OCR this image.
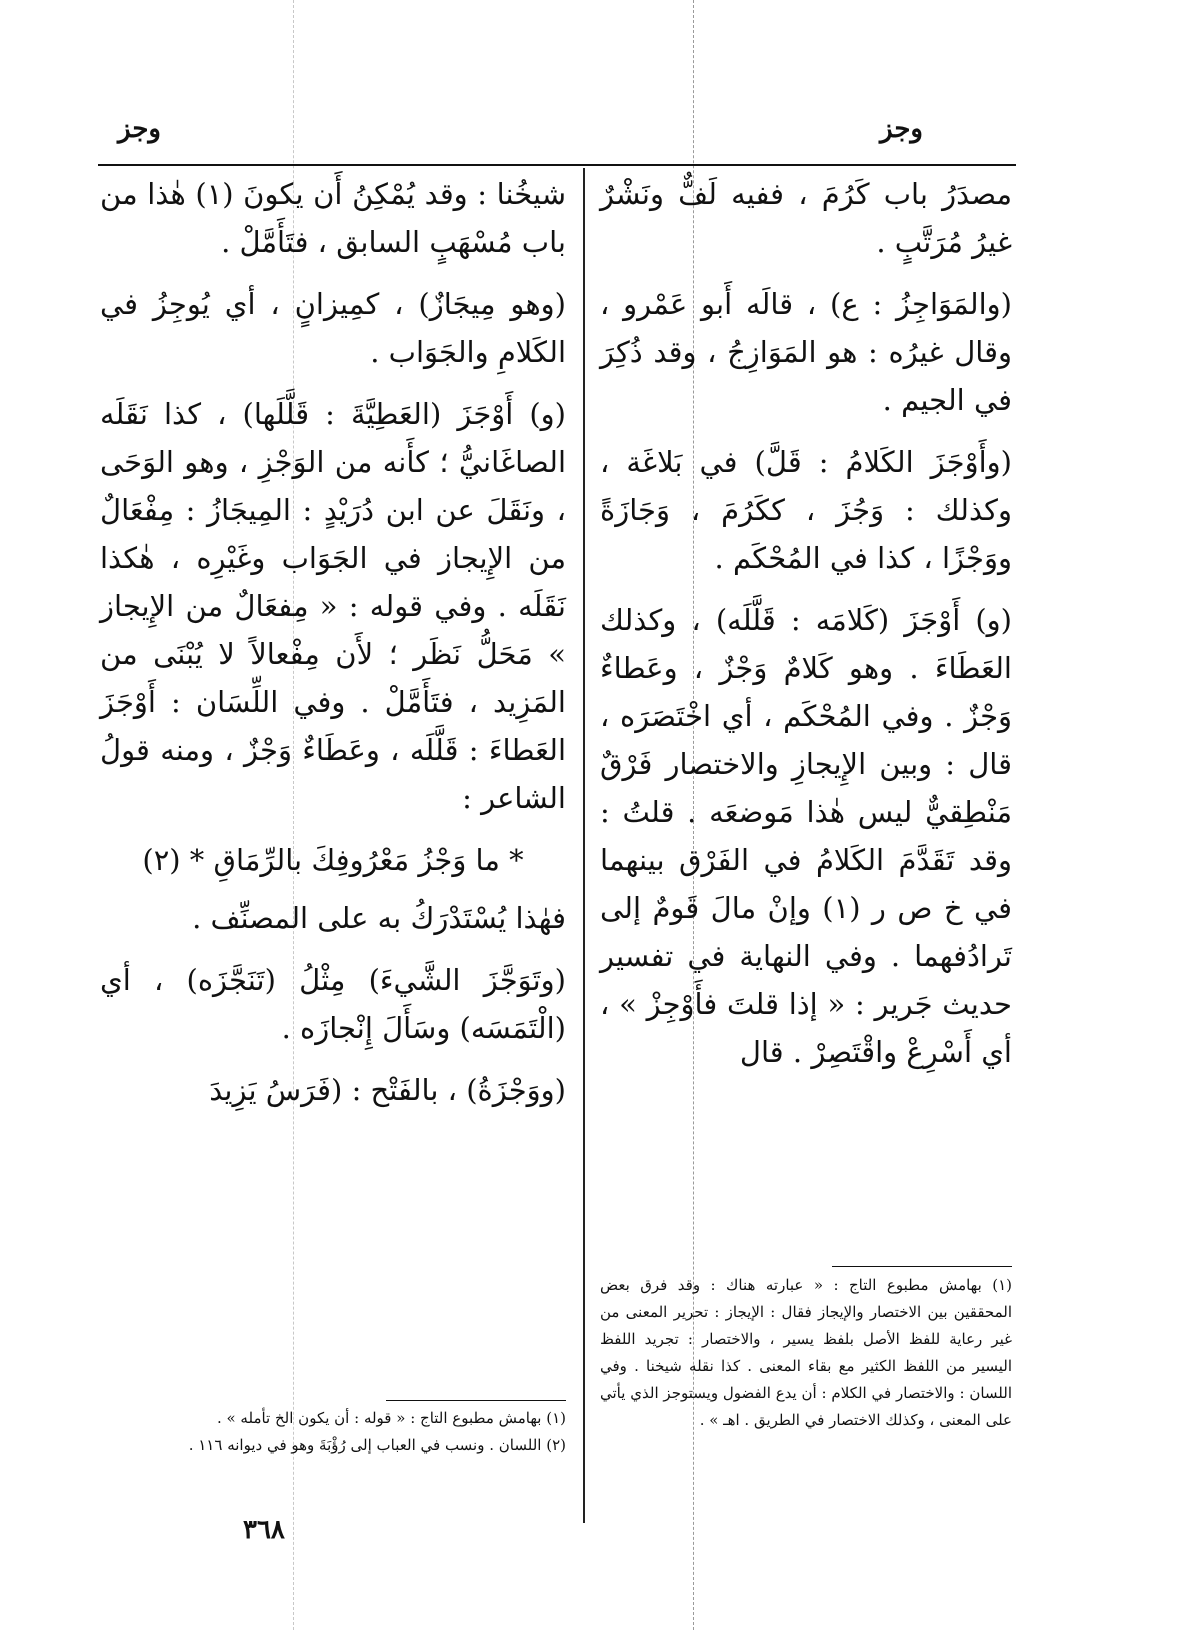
وجز	وجز

مصدَرُ باب كَرُمَ ، ففيه لَفٌّ ونَشْرٌ غيرُ مُرَتَّبٍ .

(والمَوَاجِزُ : ع) ، قالَه أَبو عَمْرو ، وقال غيرُه : هو المَوَازِجُ ، وقد ذُكِرَ في الجيم .

(وأَوْجَزَ الكَلامُ : قَلَّ) في بَلاغَة ، وكذلك : وَجُزَ ، ككَرُمَ ، وَجَازَةً ووَجْزًا ، كذا في المُحْكَم .

(و) أَوْجَزَ (كَلامَه : قَلَّلَه) ، وكذلك العَطَاءَ . وهو كَلامٌ وَجْزٌ ، وعَطاءٌ وَجْزٌ . وفي المُحْكَم ، أي اخْتَصَرَه ، قال : وبين الإِيجازِ والاختصار فَرْقٌ مَنْطِقيٌّ ليس هٰذا مَوضعَه . قلتُ : وقد تَقَدَّمَ الكَلامُ في الفَرْق بينهما في خ ص ر (١) وإنْ مالَ قَومٌ إلى تَرادُفهما . وفي النهاية في تفسير حديث جَرير : « إذا قلتَ فأَوْجِزْ » ، أي أَسْرِعْ واقْتَصِرْ . قال

(١) بهامش مطبوع التاج : « عبارته هناك : وقد فرق بعض المحققين بين الاختصار والإيجاز فقال : الإيجاز : تحرير المعنى من غير رعاية للفظ الأصل بلفظ يسير ، والاختصار : تجريد اللفظ اليسير من اللفظ الكثير مع بقاء المعنى . كذا نقله شيخنا . وفي اللسان : والاختصار في الكلام : أن يدع الفضول ويستوجز الذي يأتي على المعنى ، وكذلك الاختصار في الطريق . اهـ » .

شيخُنا : وقد يُمْكِنُ أَن يكونَ (١) هٰذا من باب مُسْهَبٍ السابق ، فتَأَمَّلْ .

(وهو مِيجَازٌ) ، كمِيزانٍ ، أي يُوجِزُ في الكَلامِ والجَوَاب .

(و) أَوْجَزَ (العَطِيَّةَ : قَلَّلَها) ، كذا نَقَلَه الصاغَانيُّ ؛ كأَنه من الوَجْزِ ، وهو الوَحَى ، ونَقَلَ عن ابن دُرَيْدٍ : المِيجَازُ : مِفْعَالٌ من الإِيجاز في الجَوَاب وغَيْرِه ، هٰكذا نَقَلَه . وفي قوله : « مِفعَالٌ من الإِيجاز » مَحَلُّ نَظَر ؛ لأَن مِفْعالاً لا يُبْنَى من المَزِيد ، فتَأَمَّلْ . وفي اللِّسَان : أَوْجَزَ العَطاءَ : قَلَّلَه ، وعَطَاءٌ وَجْزٌ ، ومنه قولُ الشاعر :

* ما وَجْزُ مَعْرُوفِكَ بالرِّمَاقِ * (٢)

فهٰذا يُسْتَدْرَكُ به على المصنِّف .

(وتَوَجَّزَ الشَّيءَ) مِثْلُ (تَنَجَّزَه) ، أي (الْتَمَسَه) وسَأَلَ إِنْجازَه .

(ووَجْزَةُ) ، بالفَتْح : (فَرَسُ يَزِيدَ

(١) بهامش مطبوع التاج : « قوله : أن يكون الخ تأمله » .

(٢) اللسان . ونسب في العباب إلى رُؤْبَةَ وهو في ديوانه ١١٦ .

٣٦٨
